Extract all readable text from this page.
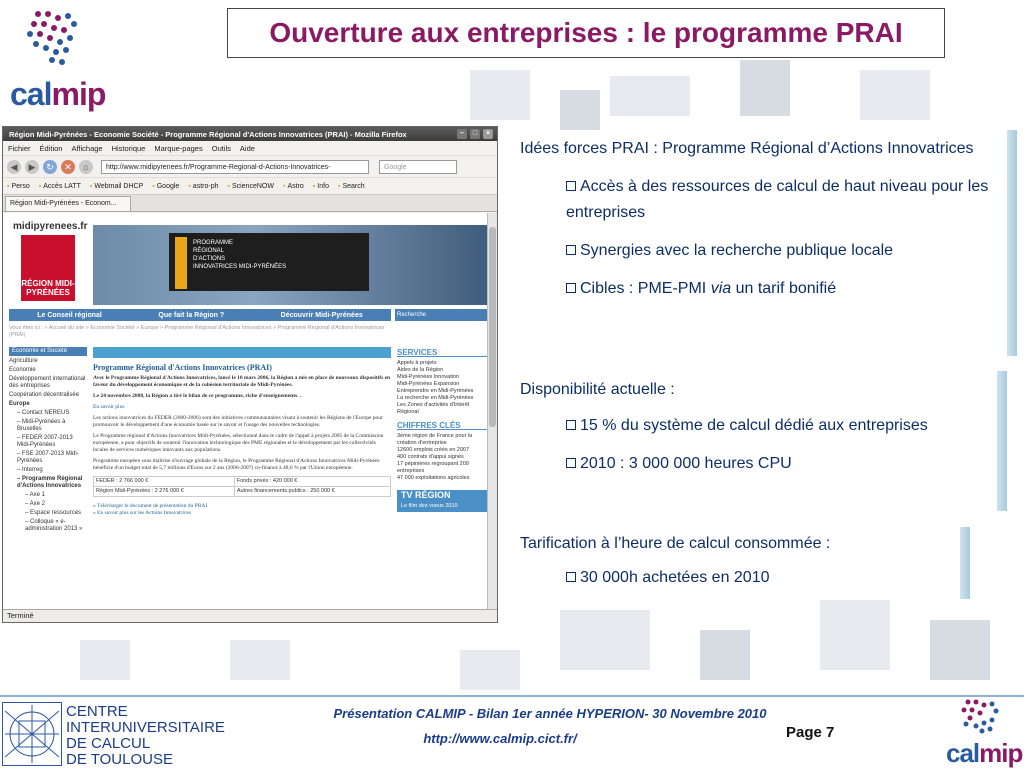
calmip
Ouverture aux entreprises : le programme PRAI
Région Midi-Pyrénées - Economie Société - Programme Régional d'Actions Innovatrices (PRAI) - Mozilla Firefox	–	□	×
Fichier Édition Affichage Historique Marque-pages Outils Aide
◀	▶	↻	✕	⌂	http://www.midipyrenees.fr/Programme-Regional-d-Actions-Innovatrices-	Google
▪ Perso	▪ Accès LATT	▪ Webmail DHCP	▪ Google	▪ astro-ph	▪ ScienceNOW	▪ Astro	▪ Info	▪ Search
Région Midi-Pyrénées - Econom...
midipyrenees.fr
RÉGION MIDI-PYRÉNÉES
PROGRAMME
RÉGIONAL
D'ACTIONS
INNOVATRICES MIDI-PYRÉNÉES
Le Conseil régional	Que fait la Région ?	Découvrir Midi-Pyrénées	Recherche
Vous êtes ici : » Accueil du site » Economie Société » Europe » Programme Régional d'Actions Innovatrices » Programme Régional d'Actions Innovatrices (PRAI)
Economie et Société
Agriculture
Economie
Développement international des entreprises
Coopération décentralisée
Europe
– Contact NEREUS
– Midi-Pyrénées à Bruxelles
– FEDER 2007-2013 Midi-Pyrénées
– FSE 2007-2013 Midi-Pyrénées
– Interreg
– Programme Régional d'Actions Innovatrices
– Axe 1
– Axe 2
– Espace ressources
– Colloque « e-administration 2013 »
Programme Régional d'Actions Innovatrices (PRAI)

Avec le Programme Régional d'Actions Innovatrices, lancé le 10 mars 2006, la Région a mis en place de nouveaux dispositifs en faveur du développement économique et de la cohésion territoriale de Midi-Pyrénées.

Le 24 novembre 2008, la Région a tiré le bilan de ce programme, riche d'enseignements. .

En savoir plus

Les actions innovatrices du FEDER (2000-2006) sont des initiatives communautaires visant à soutenir les Régions de l'Europe pour promouvoir le développement d'une économie basée sur le savoir et l'usage des nouvelles technologies.

Le Programme régional d'Actions Innovatrices Midi-Pyrénées, sélectionné dans le cadre de l'appel à projets 2005 de la Commission européenne, a pour objectifs de soutenir l'innovation technologique des PME régionales et le développement par les collectivités locales de services numériques innovants aux populations.

Programme européen sous maîtrise d'ouvrage globale de la Région, le Programme Régional d'Actions Innovatrices Midi-Pyrénées bénéficie d'un budget total de 5,7 millions d'Euros sur 2 ans (2006-2007) co-financé à 48,6 % par l'Union européenne.

FEDER : 2 766 000 €	Fonds privés : 420 000 €
Région Midi-Pyrénées : 2 276 000 €	Autres financements publics : 250 000 €

» Télécharger le document de présentation du PRAI

» En savoir plus sur les Actions Innovatrices

SERVICES
Appels à projets
Aides de la Région
Midi-Pyrénées Innovation
Midi-Pyrénées Expansion
Entreprendre en Midi-Pyrénées
La recherche en Midi-Pyrénées
Les Zones d'activités d'Intérêt Régional
CHIFFRES CLÉS
3ème région de France pour la création d'entreprise
12600 emplois créés en 2007
400 contrats d'appui signés
17 pépinières regroupant 209 entreprises
47 000 exploitations agricoles
TV RÉGION
Le film des voeux 2010
Terminé
Idées forces PRAI : Programme Régional d’Actions Innovatrices
Accès à des ressources de calcul de haut niveau pour les entreprises
Synergies avec la recherche publique locale
Cibles : PME-PMI via un tarif bonifié
Disponibilité actuelle :
15 % du système de calcul dédié aux entreprises
2010 : 3 000 000 heures CPU
Tarification à l’heure de calcul consommée :
30 000h achetées en 2010
CENTRE
INTERUNIVERSITAIRE
DE CALCUL
DE TOULOUSE
Présentation CALMIP - Bilan 1er année HYPERION- 30 Novembre 2010
http://www.calmip.cict.fr/	Page 7
calmip
